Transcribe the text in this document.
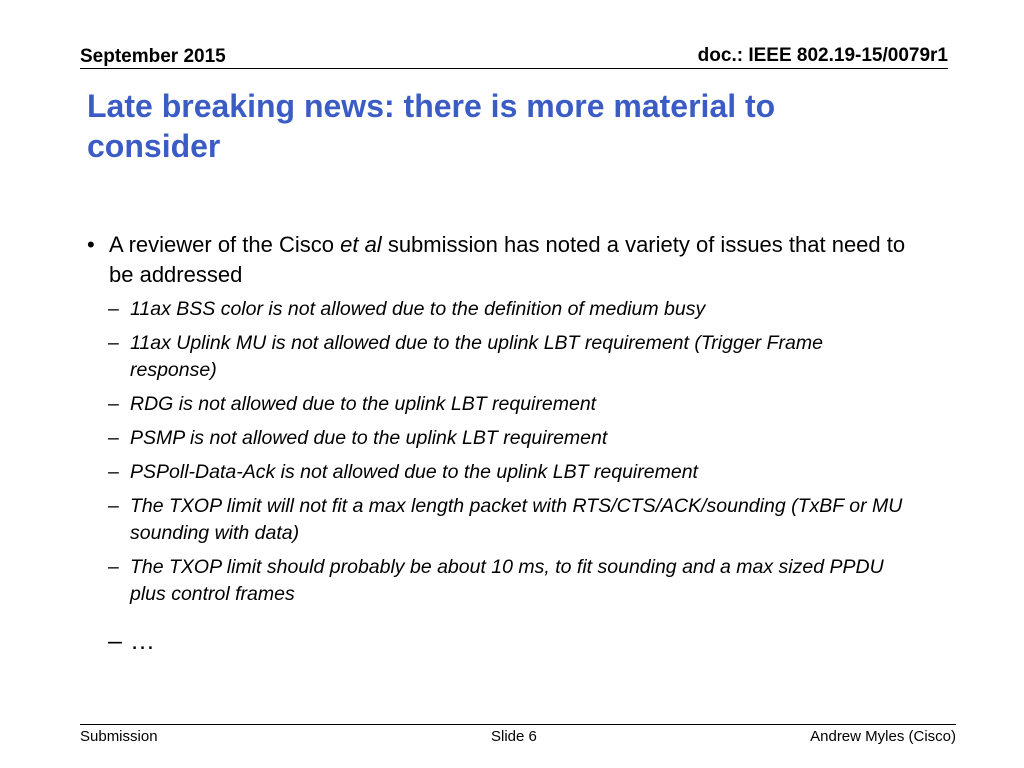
September 2015	doc.: IEEE 802.19-15/0079r1
Late breaking news: there is more material to consider
• A reviewer of the Cisco et al submission has noted a variety of issues that need to be addressed
– 11ax BSS color is not allowed due to the definition of medium busy
– 11ax Uplink MU is not allowed due to the uplink LBT requirement (Trigger Frame response)
– RDG is not allowed due to the uplink LBT requirement
– PSMP is not allowed due to the uplink LBT requirement
– PSPoll-Data-Ack is not allowed due to the uplink LBT requirement
– The TXOP limit will not fit a max length packet with RTS/CTS/ACK/sounding (TxBF or MU sounding with data)
– The TXOP limit should probably be about 10 ms, to fit sounding and a max sized PPDU plus control frames
– …
Submission	Slide 6	Andrew Myles (Cisco)
